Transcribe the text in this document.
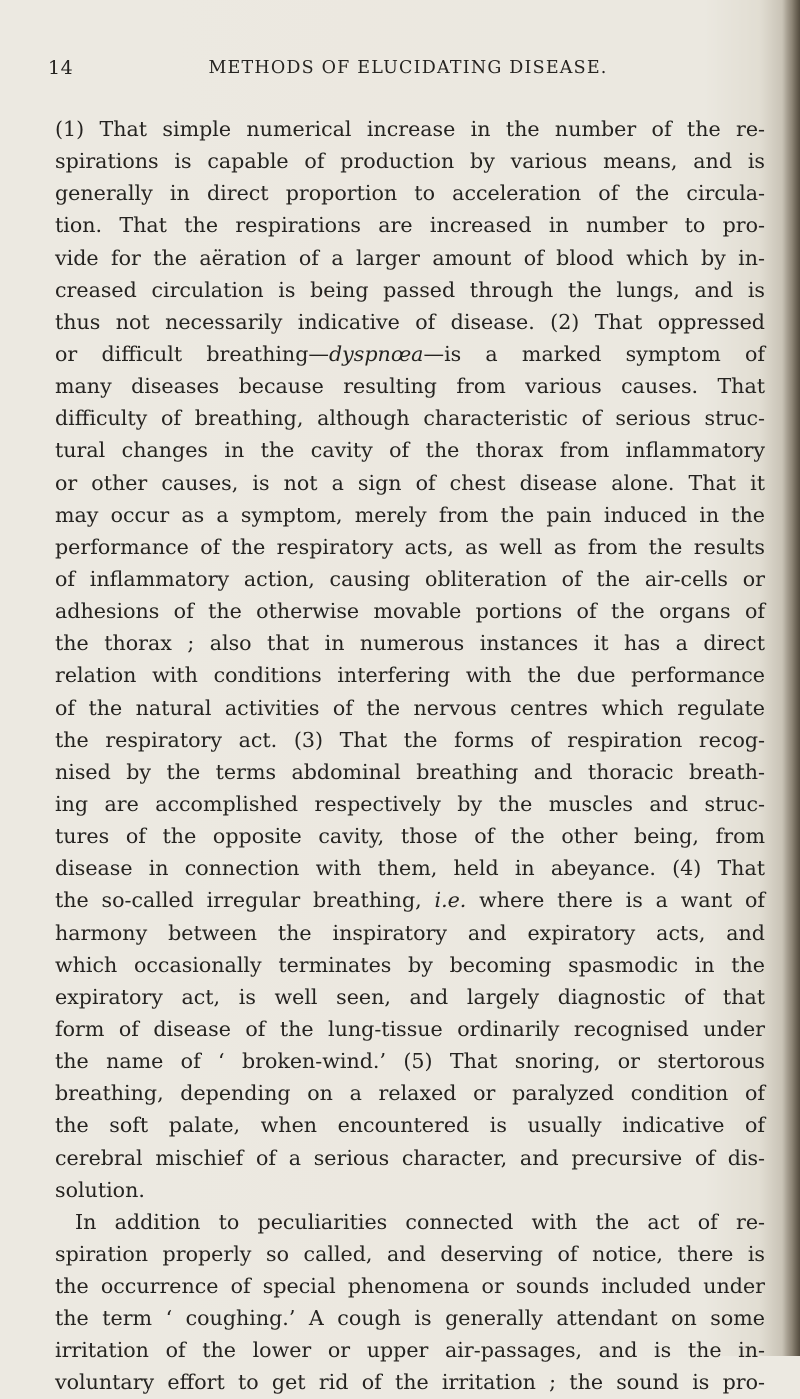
14	METHODS OF ELUCIDATING DISEASE.
(1) That simple numerical increase in the number of the re-
spirations is capable of production by various means, and is
generally in direct proportion to acceleration of the circula-
tion. That the respirations are increased in number to pro-
vide for the aëration of a larger amount of blood which by in-
creased circulation is being passed through the lungs, and is
thus not necessarily indicative of disease. (2) That oppressed
or difficult breathing—dyspnœa—is a marked symptom of
many diseases because resulting from various causes. That
difficulty of breathing, although characteristic of serious struc-
tural changes in the cavity of the thorax from inflammatory
or other causes, is not a sign of chest disease alone. That it
may occur as a symptom, merely from the pain induced in the
performance of the respiratory acts, as well as from the results
of inflammatory action, causing obliteration of the air-cells or
adhesions of the otherwise movable portions of the organs of
the thorax ; also that in numerous instances it has a direct
relation with conditions interfering with the due performance
of the natural activities of the nervous centres which regulate
the respiratory act. (3) That the forms of respiration recog-
nised by the terms abdominal breathing and thoracic breath-
ing are accomplished respectively by the muscles and struc-
tures of the opposite cavity, those of the other being, from
disease in connection with them, held in abeyance. (4) That
the so-called irregular breathing, i.e. where there is a want of
harmony between the inspiratory and expiratory acts, and
which occasionally terminates by becoming spasmodic in the
expiratory act, is well seen, and largely diagnostic of that
form of disease of the lung-tissue ordinarily recognised under
the name of ‘ broken-wind.’ (5) That snoring, or stertorous
breathing, depending on a relaxed or paralyzed condition of
the soft palate, when encountered is usually indicative of
cerebral mischief of a serious character, and precursive of dis-
solution.
In addition to peculiarities connected with the act of re-
spiration properly so called, and deserving of notice, there is
the occurrence of special phenomena or sounds included under
the term ‘ coughing.’ A cough is generally attendant on some
irritation of the lower or upper air-passages, and is the in-
voluntary effort to get rid of the irritation ; the sound is pro-
